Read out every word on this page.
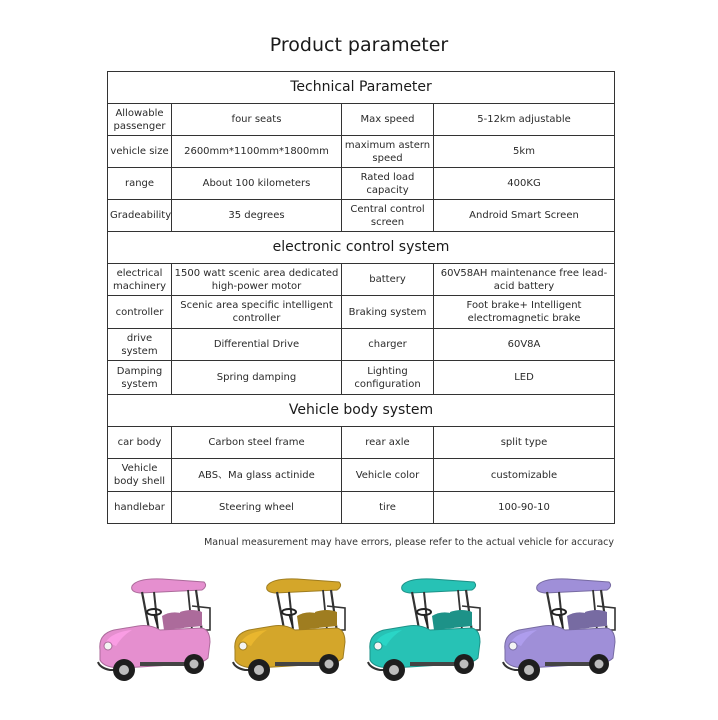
Product parameter
Technical Parameter			
Allowable passenger	four seats	Max speed	5-12km adjustable
vehicle size	2600mm*1100mm*1800mm	maximum astern speed	5km
range	About 100 kilometers	Rated load capacity	400KG
Gradeability	35 degrees	Central control screen	Android Smart Screen
electronic control system			
electrical machinery	1500 watt scenic area dedicated high-power motor	battery	60V58AH maintenance free lead-acid battery
controller	Scenic area specific intelligent controller	Braking system	Foot brake+ Intelligent electromagnetic brake
drive system	Differential Drive	charger	60V8A
Damping system	Spring damping	Lighting configuration	LED
Vehicle body system			
car body	Carbon steel frame	rear axle	split type
Vehicle body shell	ABS、Ma glass actinide	Vehicle color	customizable
handlebar	Steering wheel	tire	100-90-10
Manual measurement may have errors, please refer to the actual vehicle for accuracy
